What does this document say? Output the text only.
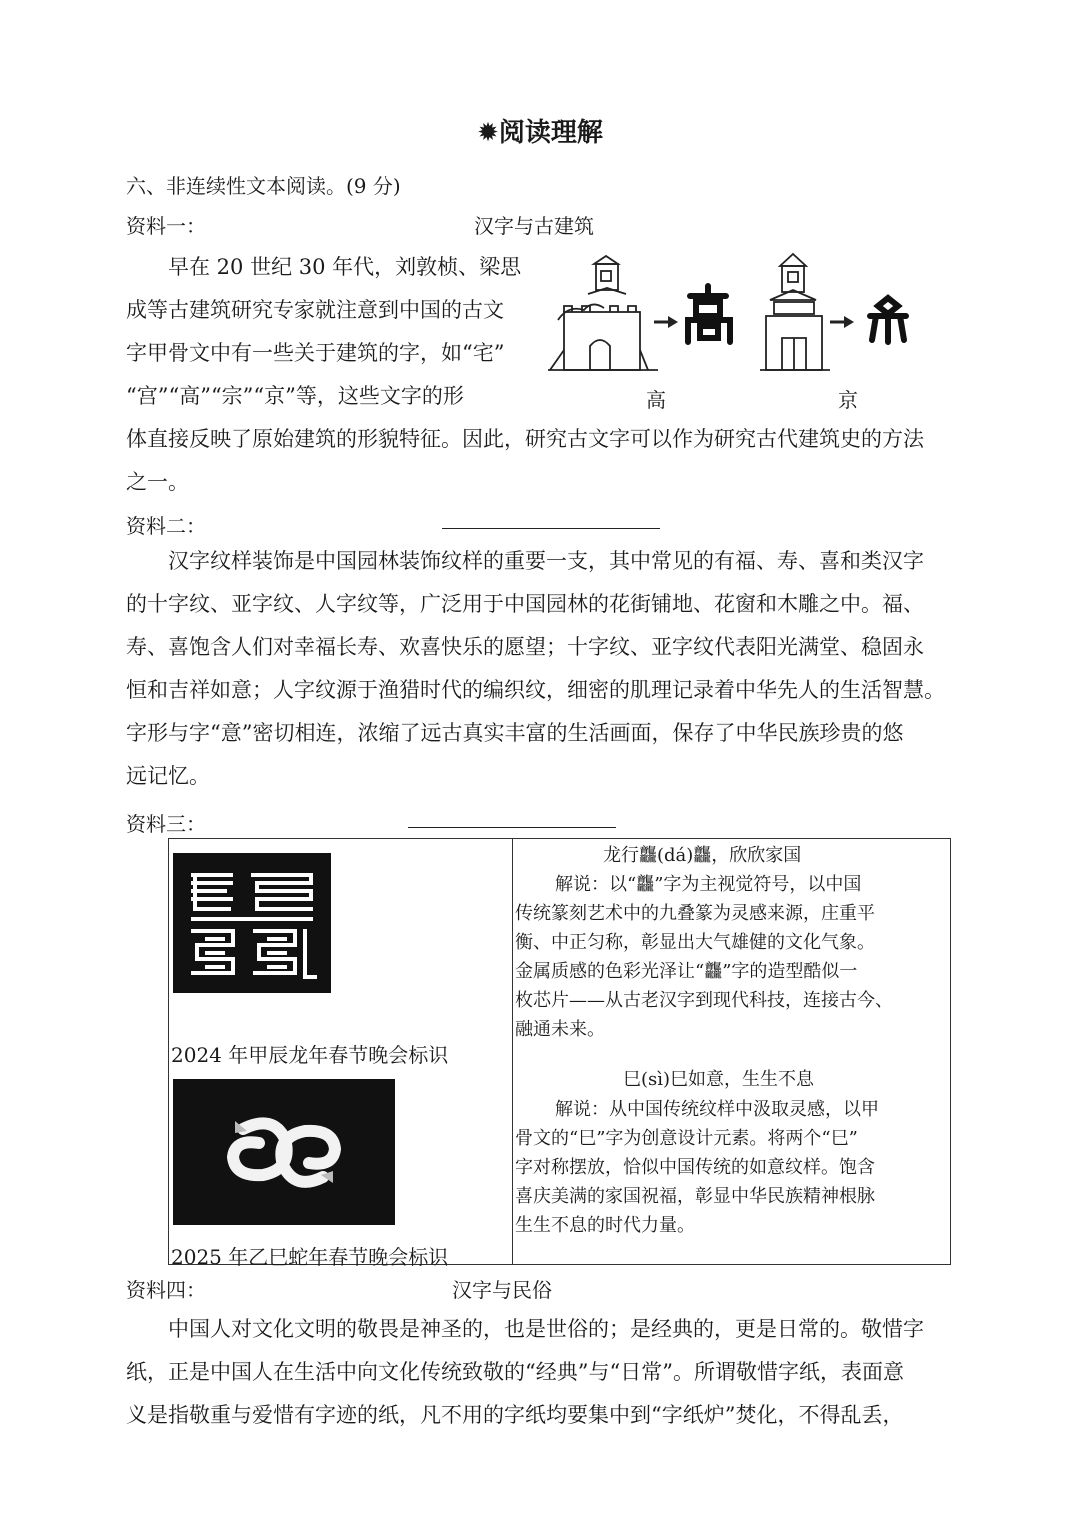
✹阅读理解
六、非连续性文本阅读。(9 分)
资料一：	汉字与古建筑
早在 20 世纪 30 年代，刘敦桢、梁思
成等古建筑研究专家就注意到中国的古文
字甲骨文中有一些关于建筑的字，如“宅”
“宫”“高”“宗”“京”等，这些文字的形
体直接反映了原始建筑的形貌特征。因此，研究古文字可以作为研究古代建筑史的方法
之一。
高	京
资料二：
汉字纹样装饰是中国园林装饰纹样的重要一支，其中常见的有福、寿、喜和类汉字
的十字纹、亚字纹、人字纹等，广泛用于中国园林的花街铺地、花窗和木雕之中。福、
寿、喜饱含人们对幸福长寿、欢喜快乐的愿望；十字纹、亚字纹代表阳光满堂、稳固永
恒和吉祥如意；人字纹源于渔猎时代的编织纹，细密的肌理记录着中华先人的生活智慧。
字形与字“意”密切相连，浓缩了远古真实丰富的生活画面，保存了中华民族珍贵的悠
远记忆。
资料三：
2024 年甲辰龙年春节晚会标识
2025 年乙巳蛇年春节晚会标识

龙行龘(dá)龘，欣欣家国
解说：以“龘”字为主视觉符号，以中国
传统篆刻艺术中的九叠篆为灵感来源，庄重平
衡、中正匀称，彰显出大气雄健的文化气象。
金属质感的色彩光泽让“龘”字的造型酷似一
枚芯片——从古老汉字到现代科技，连接古今、
融通未来。
巳(sì)巳如意，生生不息
解说：从中国传统纹样中汲取灵感，以甲
骨文的“巳”字为创意设计元素。将两个“巳”
字对称摆放，恰似中国传统的如意纹样。饱含
喜庆美满的家国祝福，彰显中华民族精神根脉
生生不息的时代力量。
资料四：	汉字与民俗
中国人对文化文明的敬畏是神圣的，也是世俗的；是经典的，更是日常的。敬惜字
纸，正是中国人在生活中向文化传统致敬的“经典”与“日常”。所谓敬惜字纸，表面意
义是指敬重与爱惜有字迹的纸，凡不用的字纸均要集中到“字纸炉”焚化，不得乱丢，
